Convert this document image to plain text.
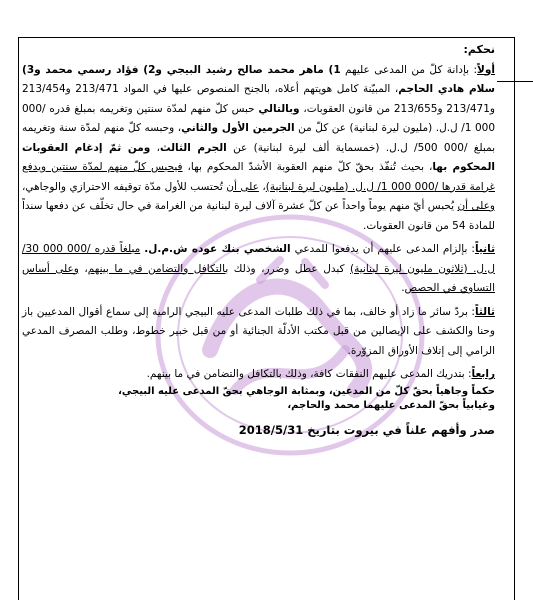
نحكم:

أولاً: بإدانة كلّ من المدعى عليهم 1) ماهر محمد صالح رشيد البيجي و2) فؤاد رسمي محمد و3) سلام هادي الحاجم، المبيّنة كامل هويتهم أعلاه، بالجنح المنصوص عليها في المواد 213/471 و213/454 و213/471 و213/655 من قانون العقوبات، وبالتالي حبس كلّ منهم لمدّة سنتين وتغريمه بمبلغ قدره /000 000 1/ ل.ل. (مليون ليرة لبنانية) عن كلّ من الجرمين الأول والثاني، وحبسه كلّ منهم لمدّة سنة وتغريمه بمبلغ /000 500/ ل.ل. (خمسماية ألف ليرة لبنانية) عن الجرم الثالث، ومن ثمّ إدغام العقوبات المحكوم بها، بحيث تُنفّذ بحقّ كلّ منهم العقوبة الأشدّ المحكوم بها، فيحبس كلّ منهم لمدّة سنتين ويدفع غرامة قدرها /000 000 1/ ل.ل. (مليون ليرة لبنانية)، على أن تُحتسب للأول مدّة توقيفه الاحترازي والوجاهي، وعلى أن يُحبس أيّ منهم يوماً واحداً عن كلّ عشرة آلاف ليرة لبنانية من الغرامة في حال تخلّف عن دفعها سنداً للمادة 54 من قانون العقوبات.

ثانياً: بإلزام المدعى عليهم أن يدفعوا للمدعي الشخصي بنك عوده ش.م.ل. مبلغاً قدره /000 000 30/ ل.ل. (ثلاثون مليون ليرة لبنانية) كبدل عطل وضرر، وذلك بالتكافل والتضامن في ما بينهم، وعلى أساس التساوي في الحصص.

ثالثاً: بردّ سائر ما زاد أو خالف، بما في ذلك طلبات المدعى عليه البيجي الرامية إلى سماع أقوال المدعيين باز وحنا والكشف على الإيصالين من قبل مكتب الأدلّة الجنائية أو من قبل خبير خطوط، وطلب المصرف المدعي الرامي إلى إتلاف الأوراق المزوّرة.

رابعاً: بتدريك المدعى عليهم النفقات كافة، وذلك بالتكافل والتضامن في ما بينهم.

حكماً وجاهياً بحقّ كلّ من المدعين، وبمثابة الوجاهي بحقّ المدعى عليه البيجي،

وغيابياً بحقّ المدعى عليهما محمد والحاجم،

صدر وأفهم علناً في بيروت بتاريخ 2018/5/31
